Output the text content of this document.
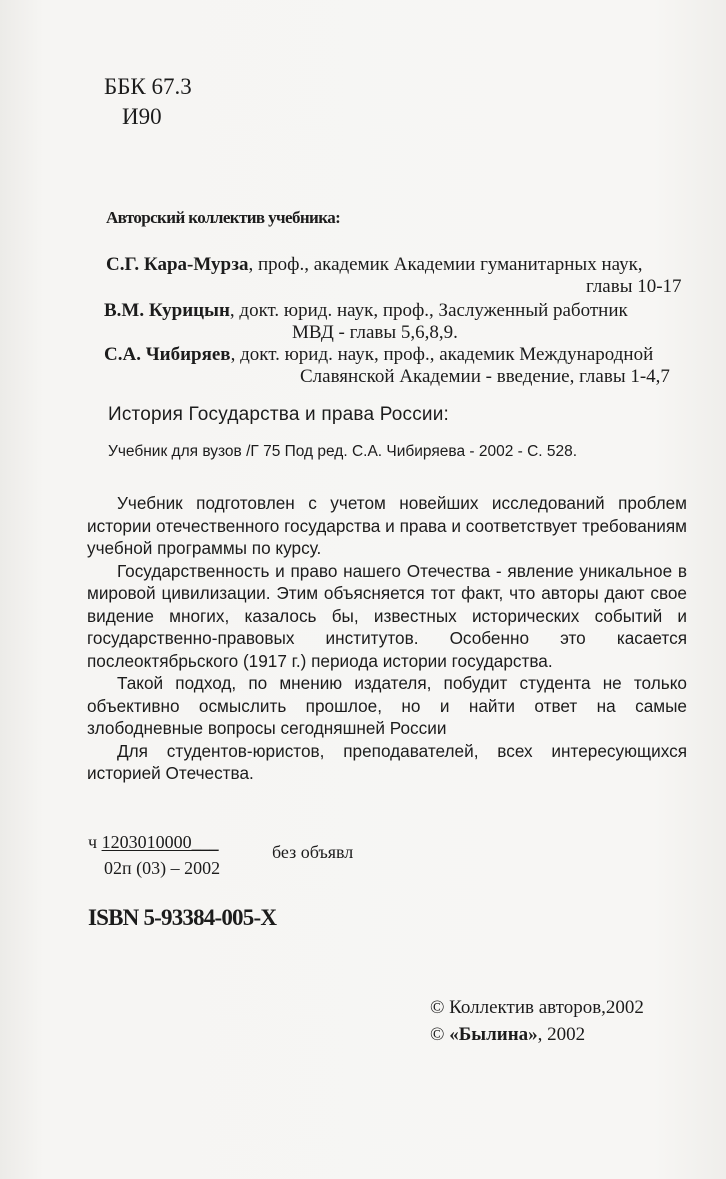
ББК 67.3
И90
Авторский коллектив учебника:
С.Г. Кара-Мурза, проф., академик Академии гуманитарных наук,
главы 10-17
В.М. Курицын, докт. юрид. наук, проф., Заслуженный работник
МВД - главы 5,6,8,9.
С.А. Чибиряев, докт. юрид. наук, проф., академик Международной
Славянской Академии - введение, главы 1-4,7
История Государства и права России:
Учебник для вузов /Г 75 Под ред. С.А. Чибиряева - 2002 - С. 528.

Учебник подготовлен с учетом новейших исследований проблем истории отечественного государства и права и соответствует требованиям учебной программы по курсу.

Государственность и право нашего Отечества - явление уникальное в мировой цивилизации. Этим объясняется тот факт, что авторы дают свое видение многих, казалось бы, известных исторических событий и государственно-правовых институтов. Особенно это касается послеоктябрьского (1917 г.) периода истории государства.

Такой подход, по мнению издателя, побудит студента не только объективно осмыслить прошлое, но и найти ответ на самые злободневные вопросы сегодняшней России

Для студентов-юристов, преподавателей, всех интересующихся историей Отечества.

ч 1203010000___
02п (03) – 2002
без объявл
ISBN 5-93384-005-X
© Коллектив авторов,2002
© «Былина», 2002
